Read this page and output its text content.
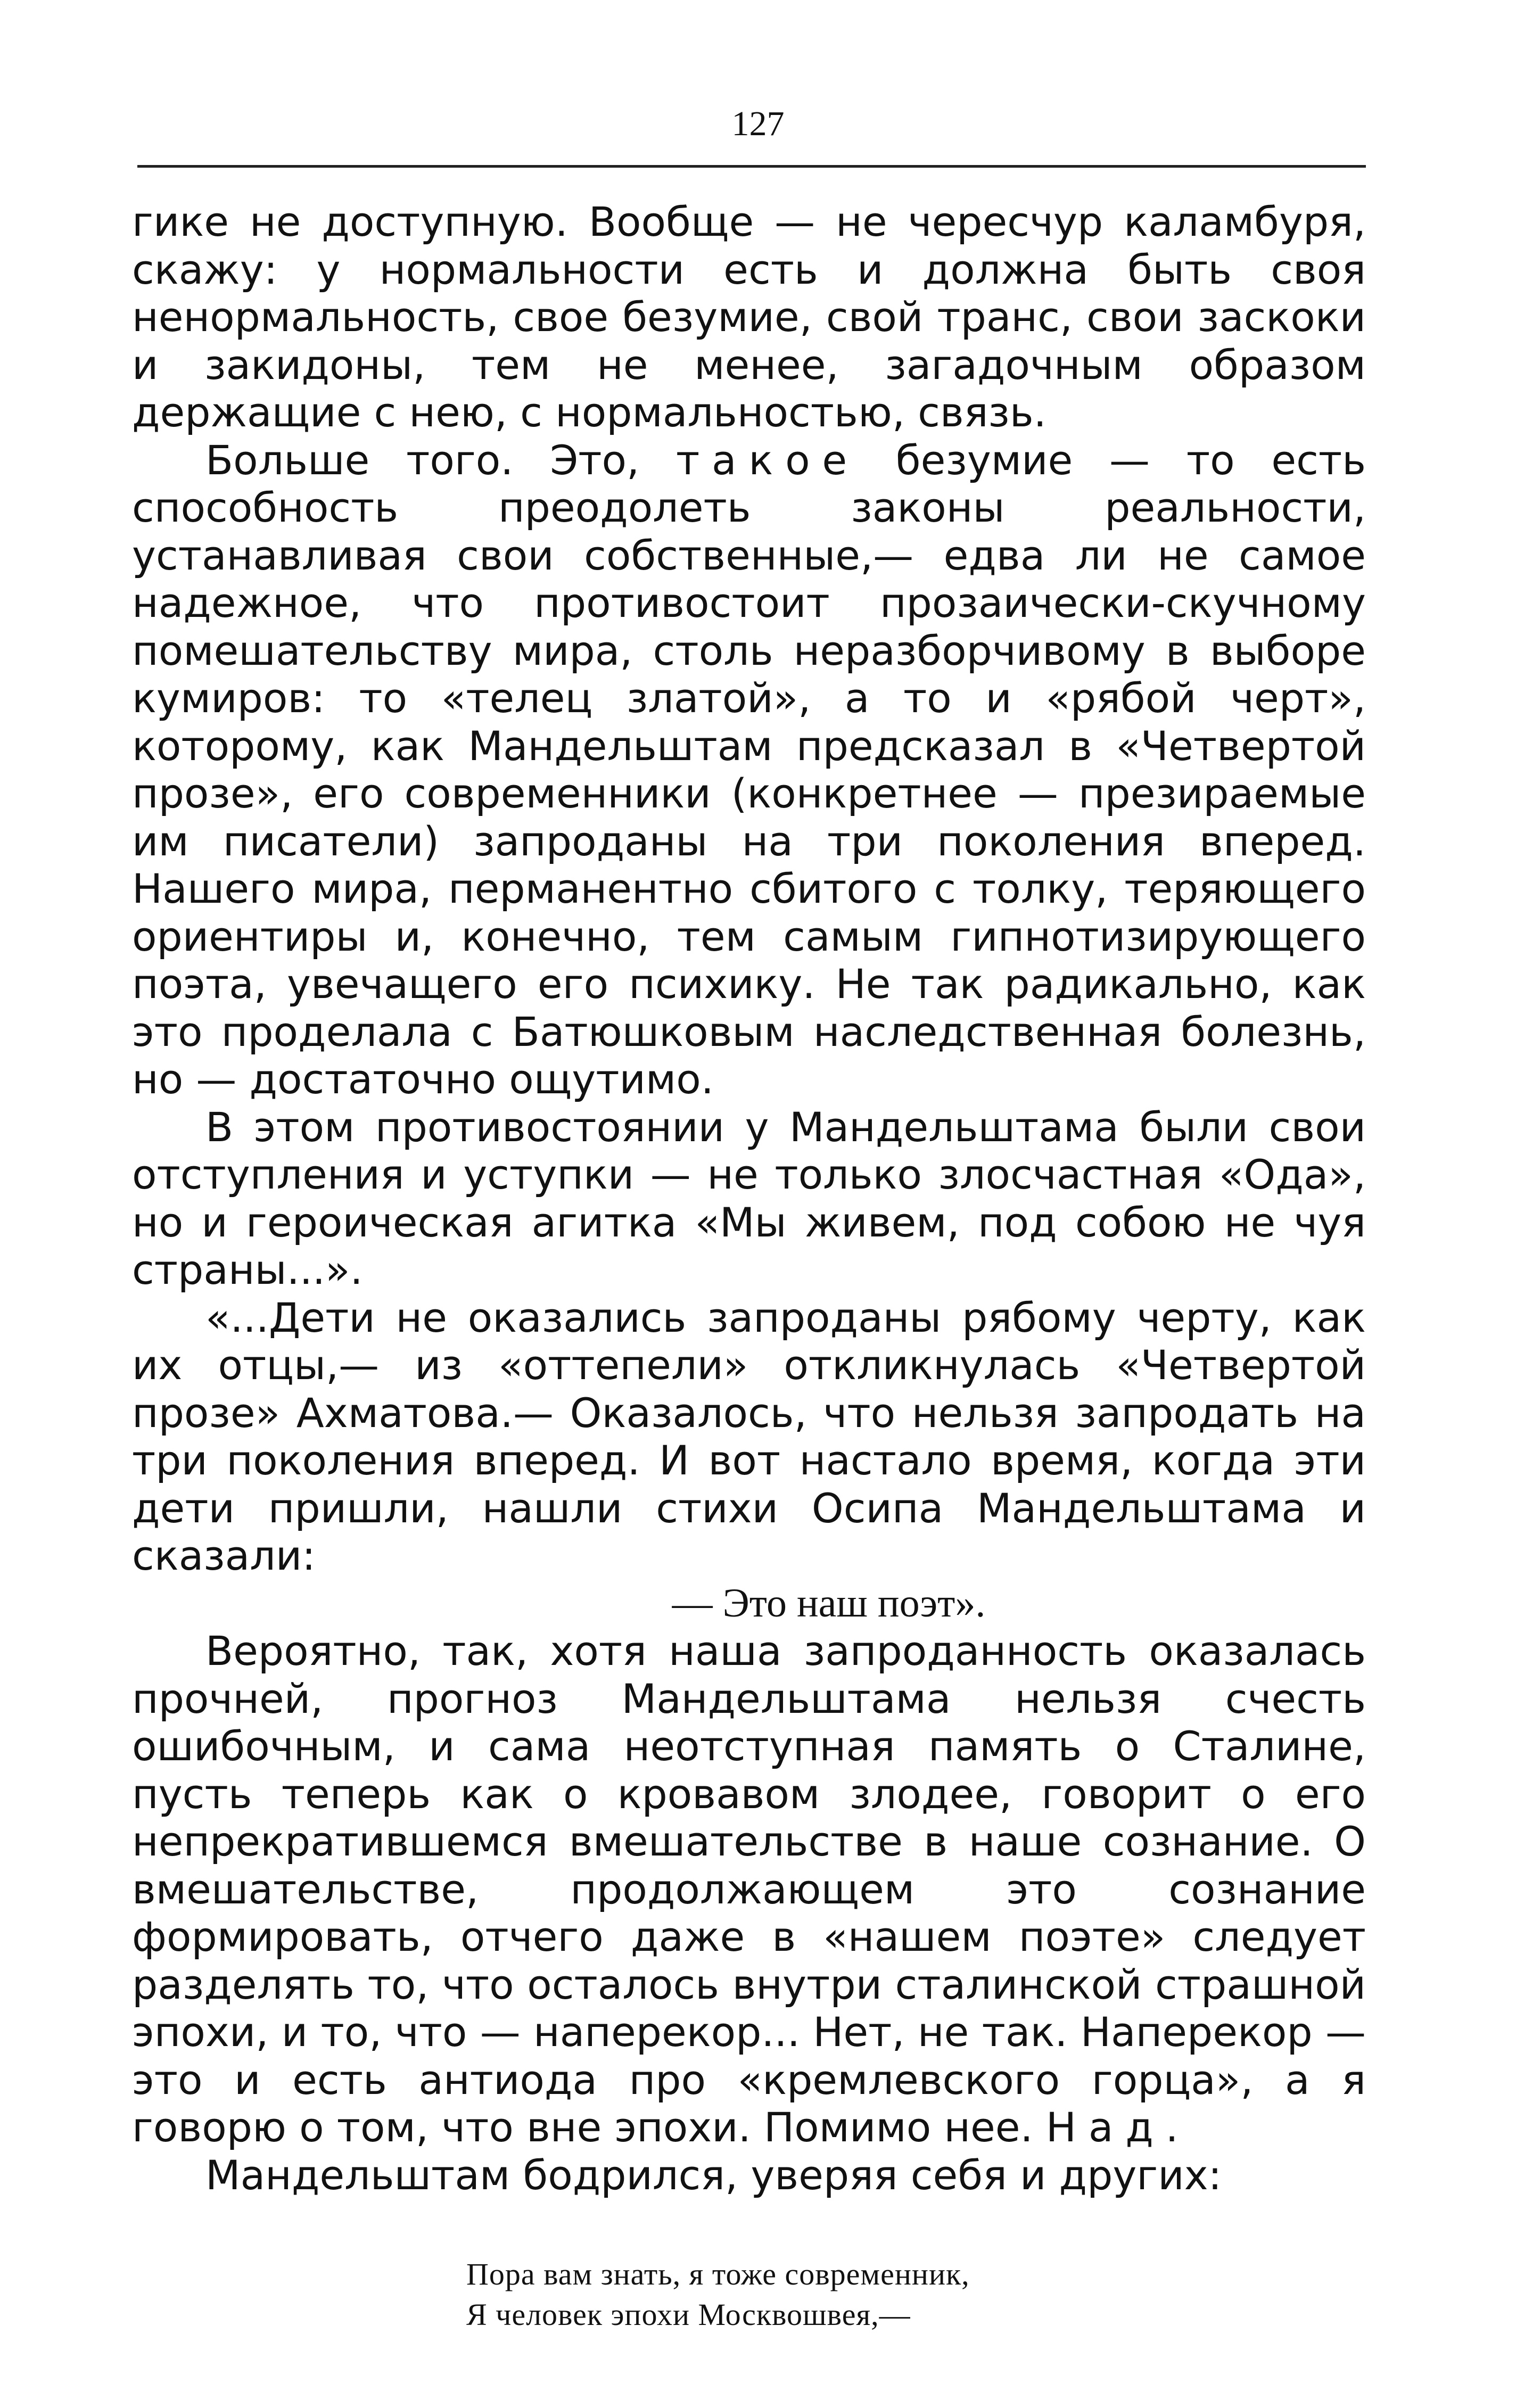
127

гике не доступную. Вообще — не чересчур каламбуря, скажу: у нормальности есть и должна быть своя ненормальность, свое безумие, свой транс, свои заскоки и закидоны, тем не менее, загадочным образом держащие с нею, с нормальностью, связь.

Больше того. Это, такое безумие — то есть способность преодолеть законы реальности, устанавливая свои собственные,— едва ли не самое надежное, что противостоит прозаически-скучному помешательству мира, столь неразборчивому в выборе кумиров: то «телец златой», а то и «рябой черт», которому, как Мандельштам предсказал в «Четвертой прозе», его современники (конкретнее — презираемые им писатели) запроданы на три поколения вперед. Нашего мира, перманентно сбитого с толку, теряющего ориентиры и, конечно, тем самым гипнотизирующего поэта, увечащего его психику. Не так радикально, как это проделала с Батюшковым наследственная болезнь, но — достаточно ощутимо.

В этом противостоянии у Мандельштама были свои отступления и уступки — не только злосчастная «Ода», но и героическая агитка «Мы живем, под собою не чуя страны...».

«...Дети не оказались запроданы рябому черту, как их отцы,— из «оттепели» откликнулась «Четвертой прозе» Ахматова.— Оказалось, что нельзя запродать на три поколения вперед. И вот настало время, когда эти дети пришли, нашли стихи Осипа Мандельштама и сказали:

— Это наш поэт».

Вероятно, так, хотя наша запроданность оказалась прочней, прогноз Мандельштама нельзя счесть ошибочным, и сама неотступная память о Сталине, пусть теперь как о кровавом злодее, говорит о его непрекратившемся вмешательстве в наше сознание. О вмешательстве, продолжающем это сознание формировать, отчего даже в «нашем поэте» следует разделять то, что осталось внутри сталинской страшной эпохи, и то, что — наперекор... Нет, не так. Наперекор — это и есть антиода про «кремлевского горца», а я говорю о том, что вне эпохи. Помимо нее. Над.

Мандельштам бодрился, уверяя себя и других:

Пора вам знать, я тоже современник,
Я человек эпохи Москвошвея,—
